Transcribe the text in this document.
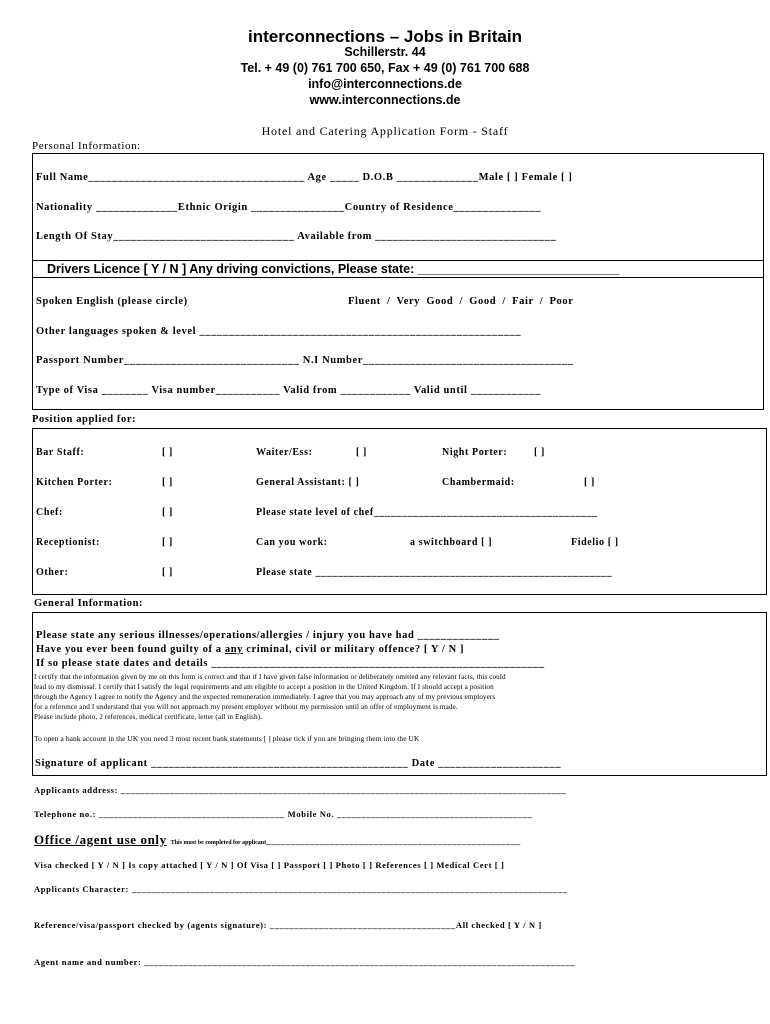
interconnections – Jobs in Britain
Schillerstr. 44
Tel. + 49 (0) 761 700 650, Fax + 49 (0) 761 700 688
info@interconnections.de
www.interconnections.de
Hotel and Catering Application Form - Staff
Personal Information:
Full Name_____________________________________ Age _____ D.O.B ______________Male [ ] Female [ ]
Nationality ______________Ethnic Origin ________________Country of Residence_______________
Length Of Stay_______________________________ Available from _______________________________
Drivers Licence [ Y / N ] Any driving convictions, Please state: _____________________________
Spoken English (please circle)	Fluent / Very Good / Good / Fair / Poor
Other languages spoken & level _______________________________________________________
Passport Number______________________________ N.I Number____________________________________
Type of Visa ________ Visa number___________ Valid from ____________ Valid until ____________
Position applied for:
Bar Staff:	[ ]	Waiter/Ess:	[ ]	Night Porter:	[ ]
Kitchen Porter:	[ ]	General Assistant: [ ]	Chambermaid:	[ ]
Chef:	[ ]	Please state level of chef________________________________________
Receptionist:	[ ]	Can you work:	a switchboard [ ]	Fidelio [ ]
Other:	[ ]	Please state _____________________________________________________
General Information:
Please state any serious illnesses/operations/allergies / injury you have had ______________
Have you ever been found guilty of a any criminal, civil or military offence? [ Y / N ]
If so please state dates and details _________________________________________________________
I certify that the information given by me on this form is correct and that if I have given false information or deliberately omitted any relevant facts, this could
lead to my dismissal. I certify that I satisfy the legal requirements and am eligible to accept a position in the United Kingdom. If I should accept a position
through the Agency I agree to notify the Agency and the expected remuneration immediately. I agree that you may approach any of my previous employers
for a reference and I understand that you will not approach my present employer without my permission until an offer of employment is made.
Please include photo, 2 references, medical certificate, letter (all in English).
To open a bank account in the UK you need 3 most recent bank statements [ ] please tick if you are bringing them into the UK
Signature of applicant ____________________________________________ Date _____________________
Applicants address: ___________________________________________________________________________________________
Telephone no.: ______________________________________ Mobile No. ________________________________________
Office /agent use only This must be completed for applicant____________________________________________________
Visa checked [ Y / N ] Is copy attached [ Y / N ] Of Visa [ ] Passport [ ] Photo [ ] References [ ] Medical Cert [ ]
Applicants Character: _________________________________________________________________________________________
Reference/visa/passport checked by (agents signature): ______________________________________All checked [ Y / N ]
Agent name and number: ________________________________________________________________________________________
